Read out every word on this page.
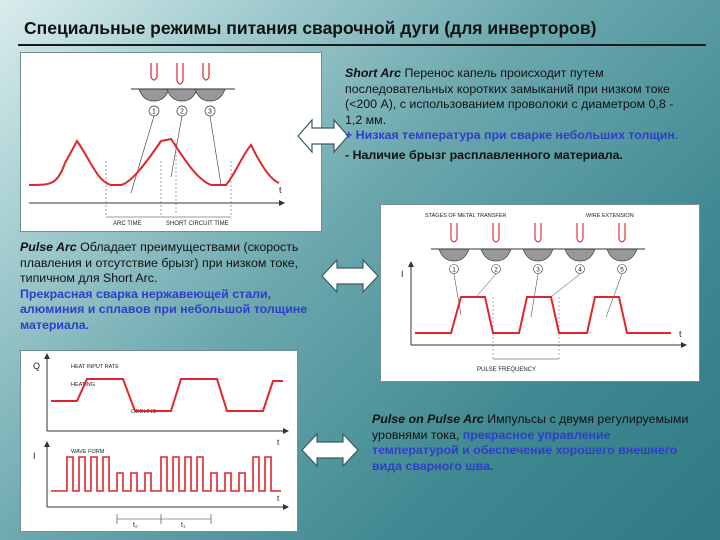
Специальные режимы питания сварочной дуги (для инверторов)
1	2	3
t
ARC TIME	SHORT CIRCUIT TIME
Short Arc Перенос капель происходит путем последовательных коротких замыканий при низком токе (<200 А), с использованием проволоки с диаметром 0,8 - 1,2 мм.
+ Низкая температура при сварке небольших толщин.
- Наличие брызг расплавленного материала.
Pulse Arc Обладает преимуществами (скорость плавления и отсутствие брызг) при низком токе, типичном для Short Arc.
Прекрасная сварка нержавеющей стали, алюминия и сплавов при небольшой толщине материала.
STAGES OF METAL TRANSFER	WIRE EXTENSION
1	2	3	4	5
I
t
PULSE FREQUENCY
Q	HEAT INPUT RATE
HEATING
COOLING
t
I	WAVE FORM
t
t₂	t₁
Pulse on Pulse Arc Импульсы с двумя регулируемыми уровнями тока, прекрасное управление температурой и обеспечение хорошего внешнего вида сварного шва.
